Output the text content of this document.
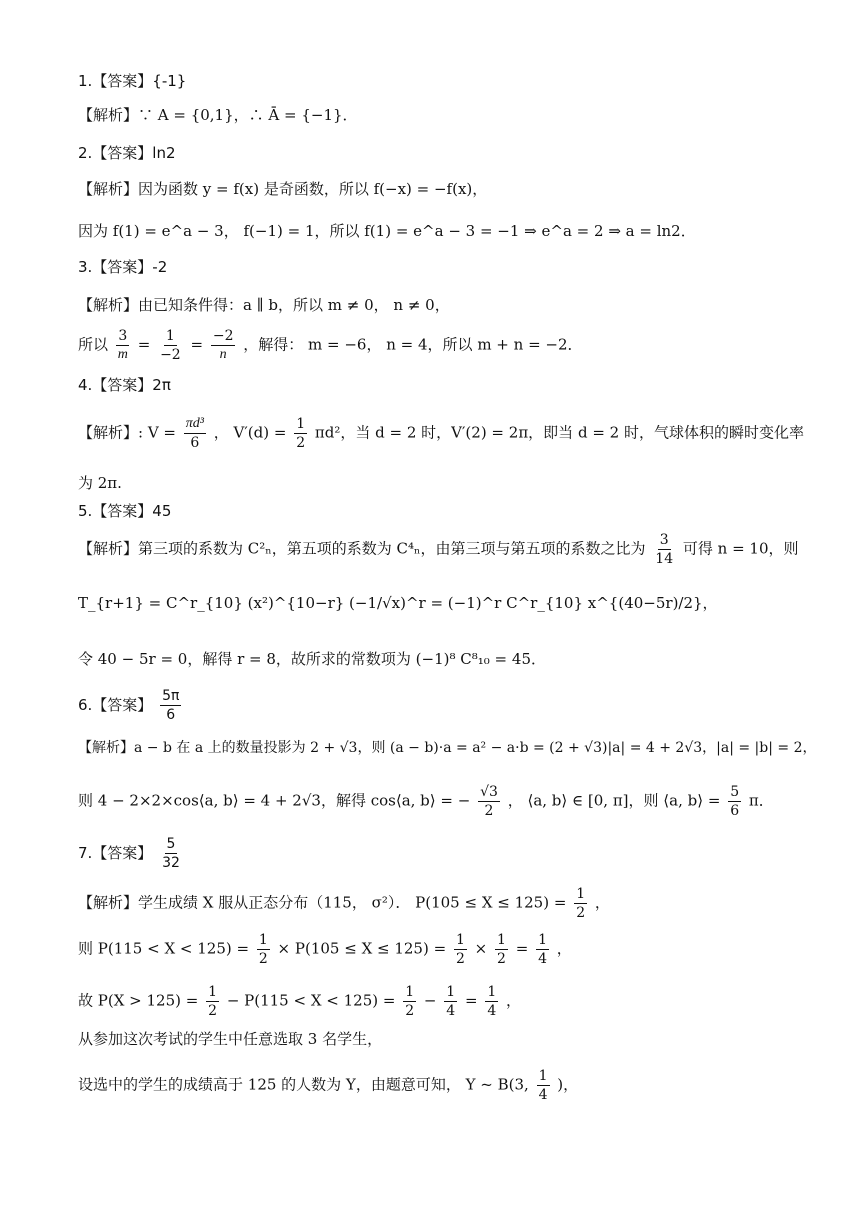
1.【答案】{-1}
【解析】∵ A = {0,1}，∴ Ā = {−1}．
2.【答案】ln2
【解析】因为函数 y = f(x) 是奇函数，所以 f(−x) = −f(x)，
因为 f(1) = e^a − 3， f(−1) = 1，所以 f(1) = e^a − 3 = −1 ⇒ e^a = 2 ⇒ a = ln2．
3.【答案】-2
【解析】由已知条件得：a ∥ b，所以 m ≠ 0， n ≠ 0，
所以 $\frac{3}{m} = \frac{1}{-2} = \frac{-2}{n}$ ，解得： m = −6， n = 4，所以 m + n = −2．
4.【答案】2π
【解析】: $V = \frac{\text{πd³}}{6}$ ， $V'(d) = \frac{1}{2} \pi d^2$，当 d = 2 时，V′(2) = 2π，即当 d = 2 时，气球体积的瞬时变化率
为 2π.
5.【答案】45
【解析】第三项的系数为 C²ₙ，第五项的系数为 C⁴ₙ，由第三项与第五项的系数之比为 $\frac{3}{14}$ 可得 n = 10，则
T_{r+1} = C^r_{10} (x²)^{10−r} (−1/√x)^r = (−1)^r C^r_{10} x^{(40−5r)/2}，
令 40 − 5r = 0，解得 r = 8，故所求的常数项为 (−1)⁸ C⁸₁₀ = 45．
6.【答案】 $\frac{5\pi}{6}$
【解析】a − b 在 a 上的数量投影为 2 + √3，则 (a − b)·a = a² − a·b = (2 + √3)|a| = 4 + 2√3，|a| = |b| = 2，
则 4 − 2×2×cos⟨a, b⟩ = 4 + 2√3，解得 cos⟨a, b⟩ = − $\frac{√3}{2}$ ， ⟨a, b⟩ ∈ [0, π]，则 ⟨a, b⟩ = $\frac{5}{6}$ π．
7.【答案】 $\frac{5}{32}$
【解析】学生成绩 X 服从正态分布（115， σ²）． $P(105 \le X \le 125) = \frac{1}{2}$ ，
则 $P(115 < X < 125) = \frac{1}{2} \times P(105 \le X \le 125) = \frac{1}{2} \times \frac{1}{2} = \frac{1}{4}$ ，
故 $P(X > 125) = \frac{1}{2} - P(115 < X < 125) = \frac{1}{2} - \frac{1}{4} = \frac{1}{4}$ ，
从参加这次考试的学生中任意选取 3 名学生，
设选中的学生的成绩高于 125 的人数为 Y，由题意可知， Y ~ B(3, $\frac{1}{4}$ )，
